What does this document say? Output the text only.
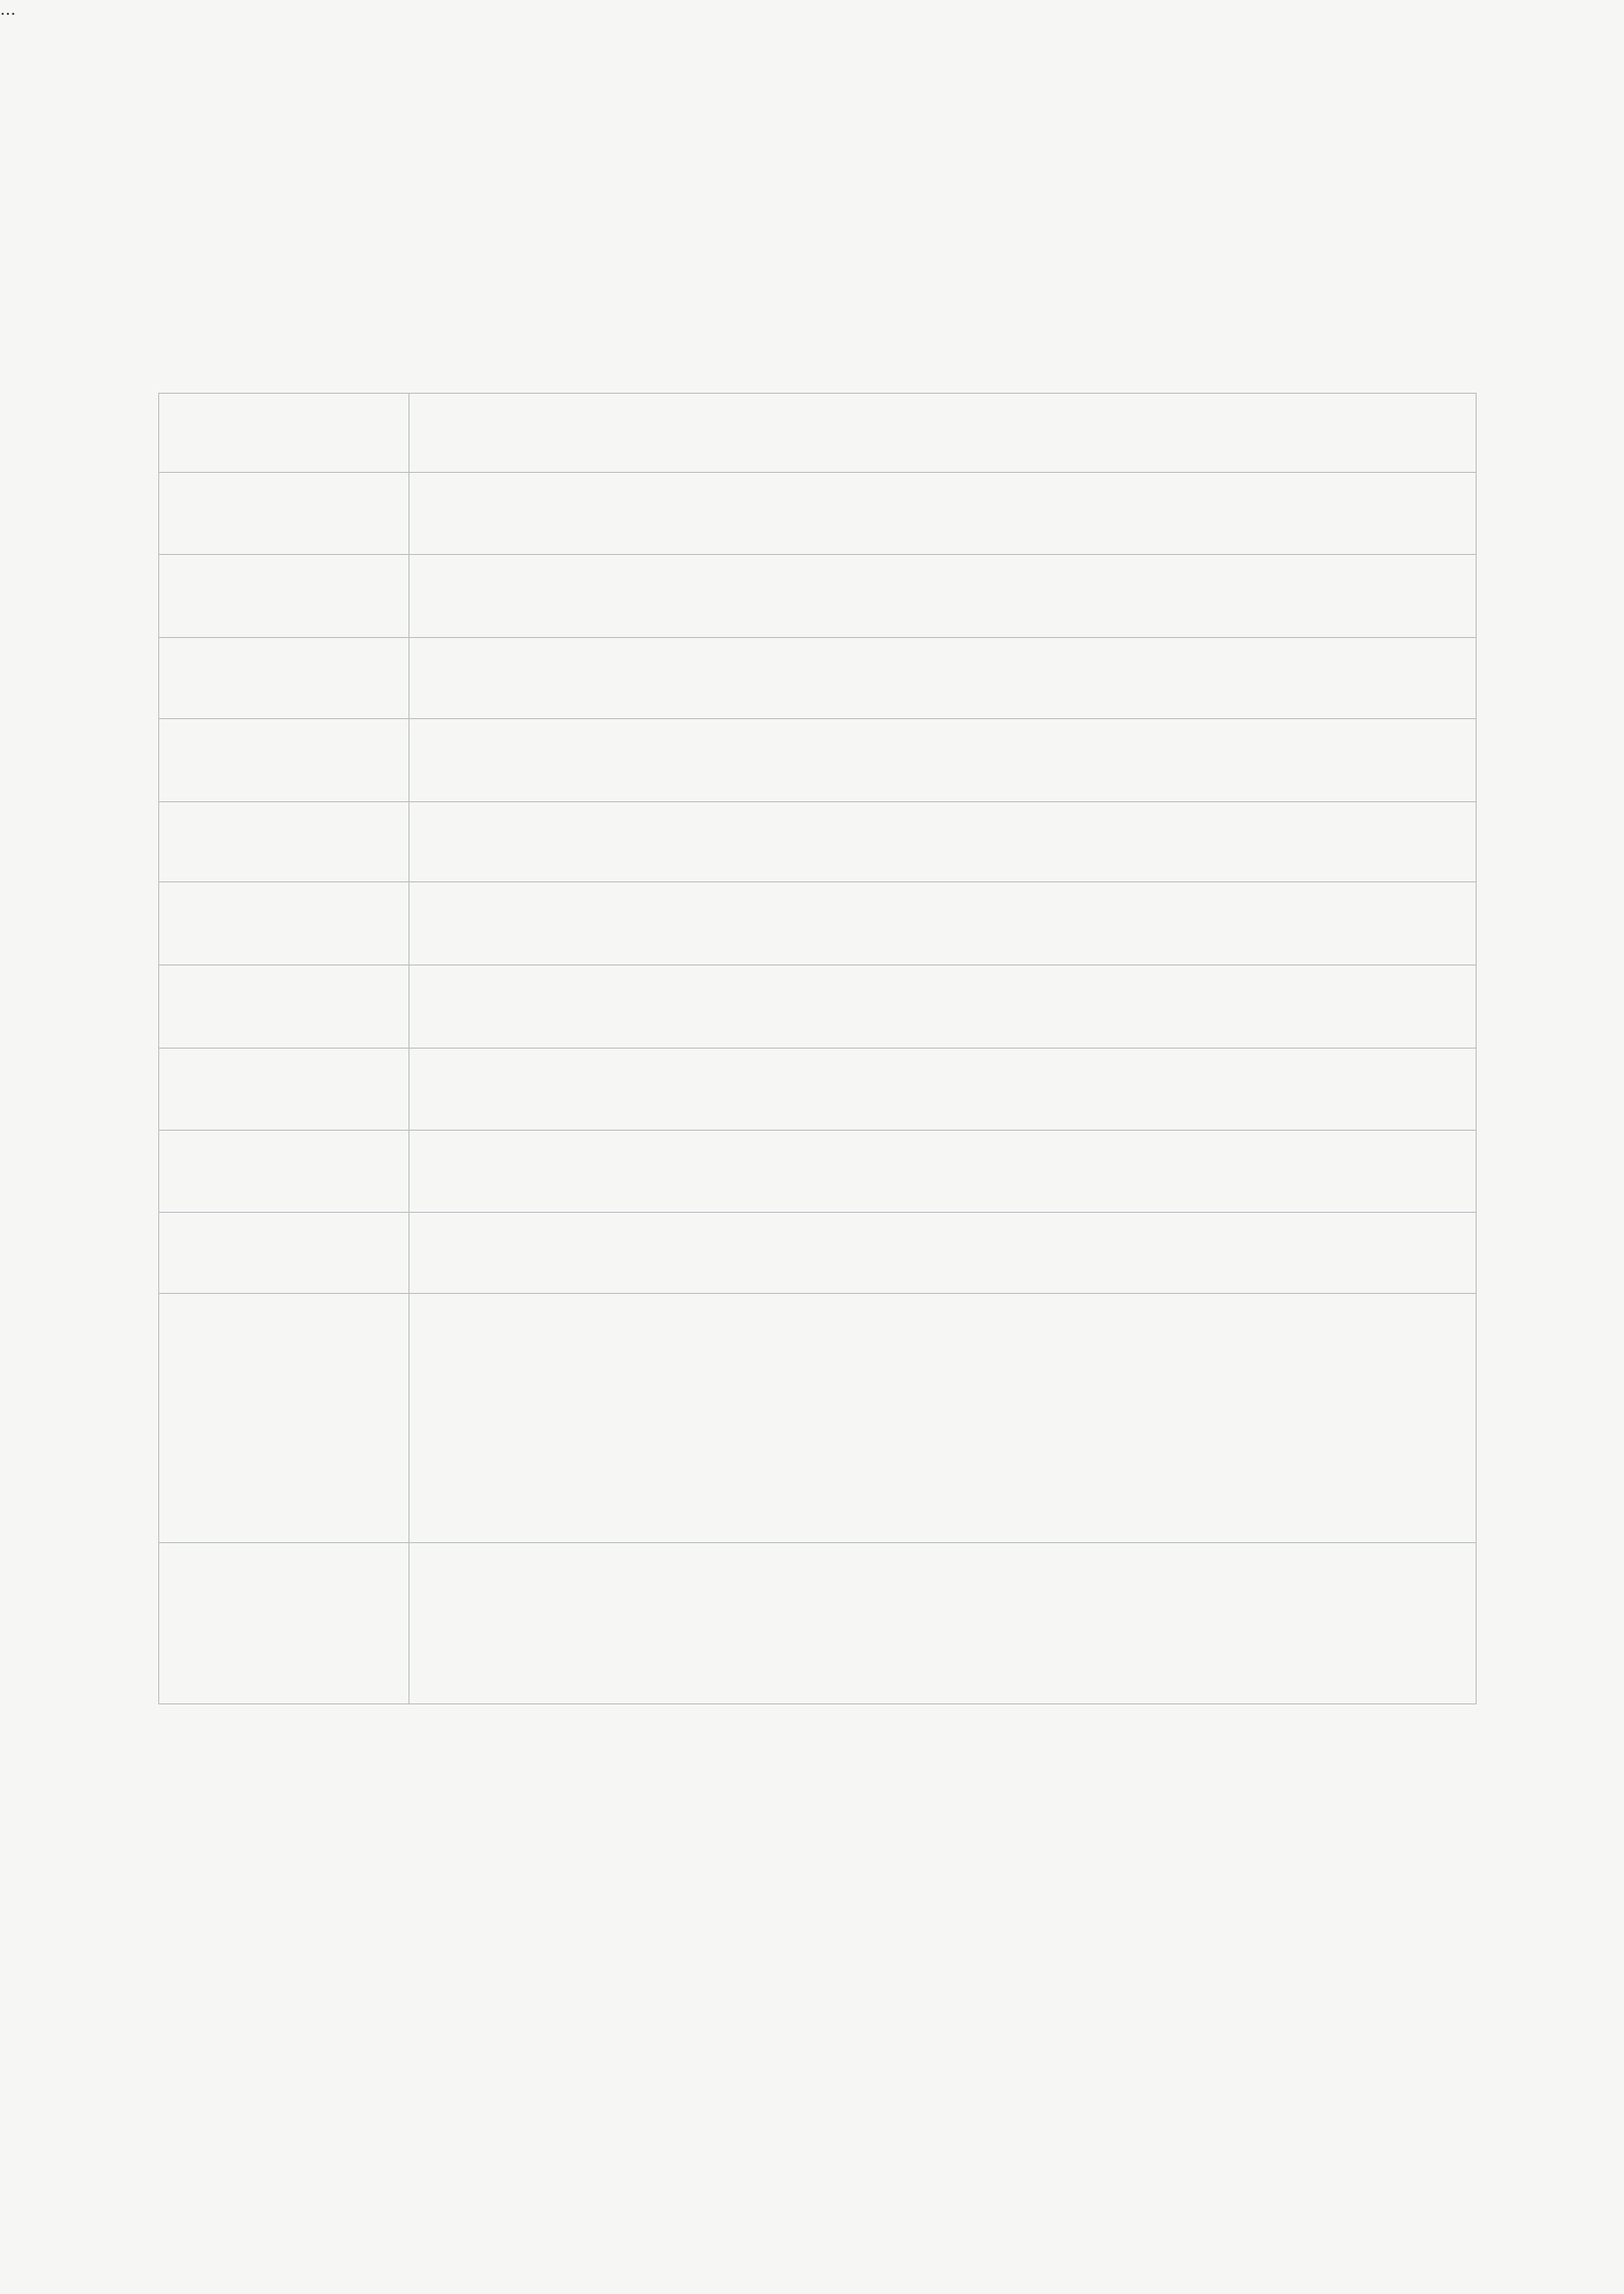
…
